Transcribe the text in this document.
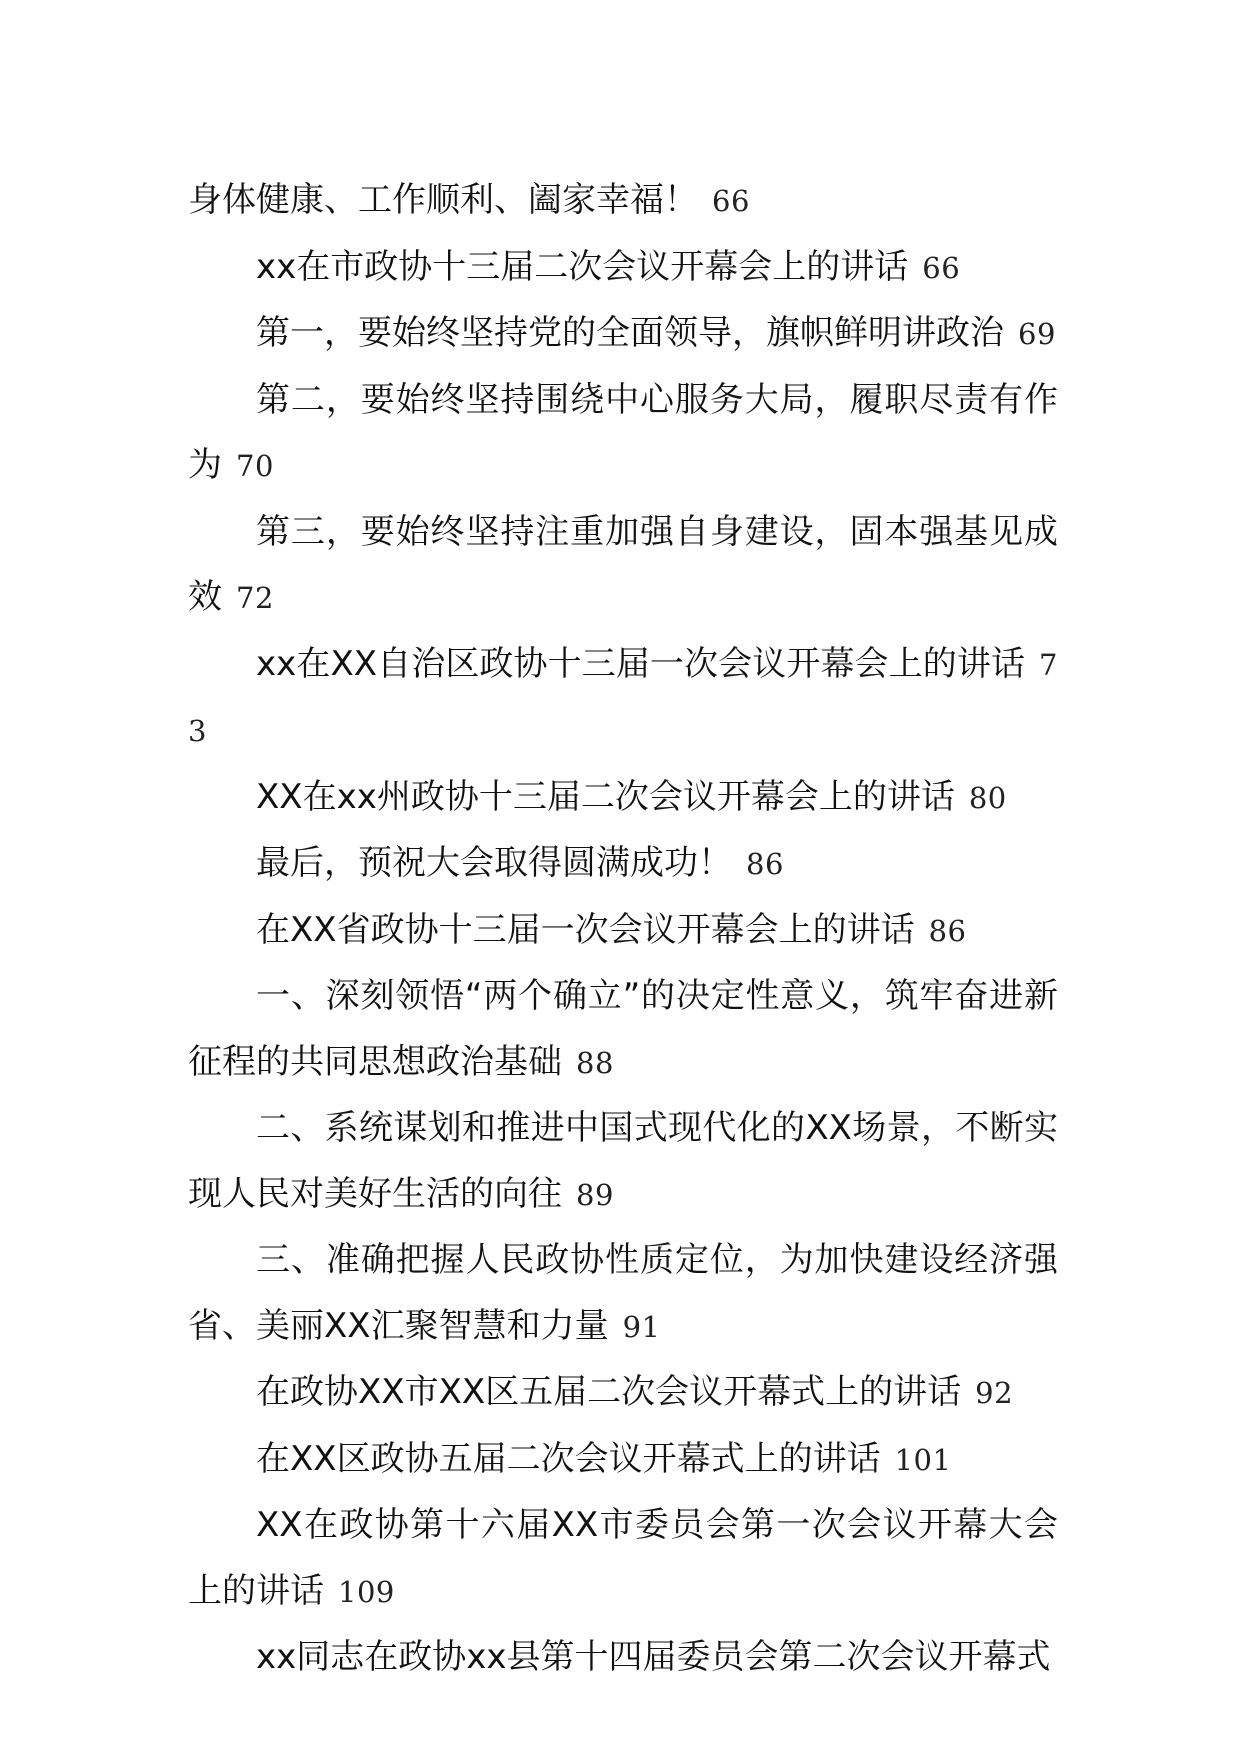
身体健康、工作顺利、阖家幸福！ 66
xx在市政协十三届二次会议开幕会上的讲话 66
第一，要始终坚持党的全面领导，旗帜鲜明讲政治 69
第二，要始终坚持围绕中心服务大局，履职尽责有作为 70
第三，要始终坚持注重加强自身建设，固本强基见成效 72
xx在XX自治区政协十三届一次会议开幕会上的讲话 73
XX在xx州政协十三届二次会议开幕会上的讲话 80
最后，预祝大会取得圆满成功！ 86
在XX省政协十三届一次会议开幕会上的讲话 86
一、深刻领悟“两个确立”的决定性意义，筑牢奋进新征程的共同思想政治基础 88
二、系统谋划和推进中国式现代化的XX场景，不断实现人民对美好生活的向往 89
三、准确把握人民政协性质定位，为加快建设经济强省、美丽XX汇聚智慧和力量 91
在政协XX市XX区五届二次会议开幕式上的讲话 92
在XX区政协五届二次会议开幕式上的讲话 101
XX在政协第十六届XX市委员会第一次会议开幕大会上的讲话 109
xx同志在政协xx县第十四届委员会第二次会议开幕式
